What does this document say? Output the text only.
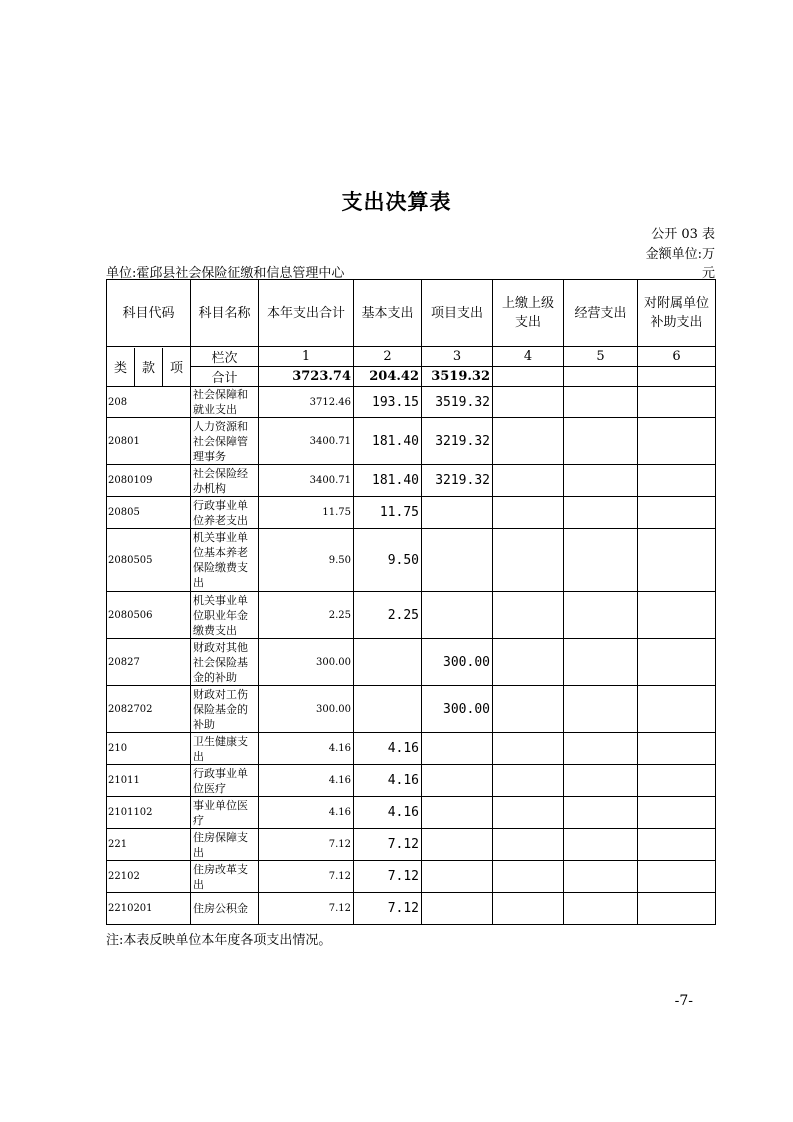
支出决算表
公开 03 表
金额单位:万
元
单位:霍邱县社会保险征缴和信息管理中心
科目代码	科目名称	本年支出合计	基本支出	项目支出	上缴上级支出	经营支出	对附属单位补助支出

类 款 项	栏次	1	2	3	4	5	6
	合计	3723.74	204.42	3519.32			
208	社会保障和就业支出	3712.46	193.15	3519.32			
20801	人力资源和社会保障管理事务	3400.71	181.40	3219.32			
2080109	社会保险经办机构	3400.71	181.40	3219.32			
20805	行政事业单位养老支出	11.75	11.75				
2080505	机关事业单位基本养老保险缴费支出	9.50	9.50				
2080506	机关事业单位职业年金缴费支出	2.25	2.25				
20827	财政对其他社会保险基金的补助	300.00		300.00			
2082702	财政对工伤保险基金的补助	300.00		300.00			
210	卫生健康支出	4.16	4.16				
21011	行政事业单位医疗	4.16	4.16				
2101102	事业单位医疗	4.16	4.16				
221	住房保障支出	7.12	7.12				
22102	住房改革支出	7.12	7.12				
2210201	住房公积金	7.12	7.12				
注:本表反映单位本年度各项支出情况。
-7-
